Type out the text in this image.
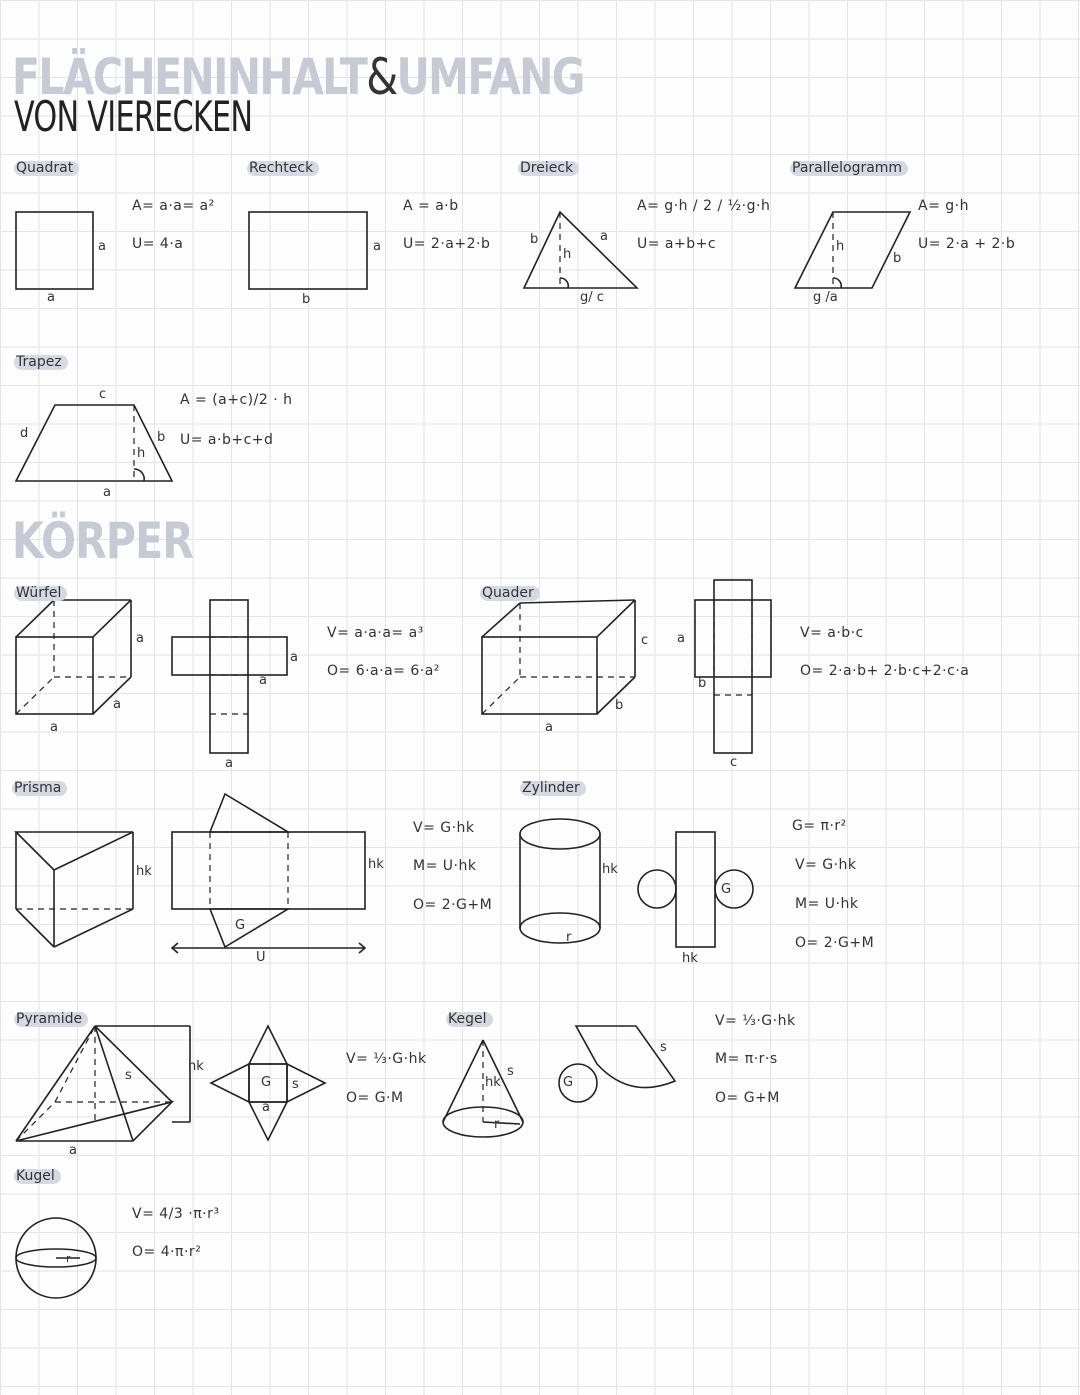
FLÄCHENINHALT&UMFANG
VON VIERECKEN
KÖRPER
Quadrat
a
a
A= a·a= a²
U= 4·a
Rechteck
a
b
A = a·b
U= 2·a+2·b
Dreieck
b	a
h
g/ c
A= g·h / 2 / ½·g·h
U= a+b+c
Parallelogramm
h
b
g /a
A= g·h
U= 2·a + 2·b
Trapez
c
d	b
h
a
A = (a+c)/2 · h
U= a·b+c+d
Würfel
a
a
a
a
a
a
V= a·a·a= a³
O= 6·a·a= 6·a²
Quader
c
b
a
a
b
c
V= a·b·c
O= 2·a·b+ 2·b·c+2·c·a
Prisma
hk	hk
G
U
V= G·hk
M= U·hk
O= 2·G+M
Zylinder
hk
r
hk
G
G= π·r²
V= G·hk
M= U·hk
O= 2·G+M
Pyramide
hk
s
a
G s
a
V= ⅓·G·hk
O= G·M
Kegel
hk
s
r
s
G
V= ⅓·G·hk
M= π·r·s
O= G+M
Kugel
r
V= 4/3 ·π·r³
O= 4·π·r²
